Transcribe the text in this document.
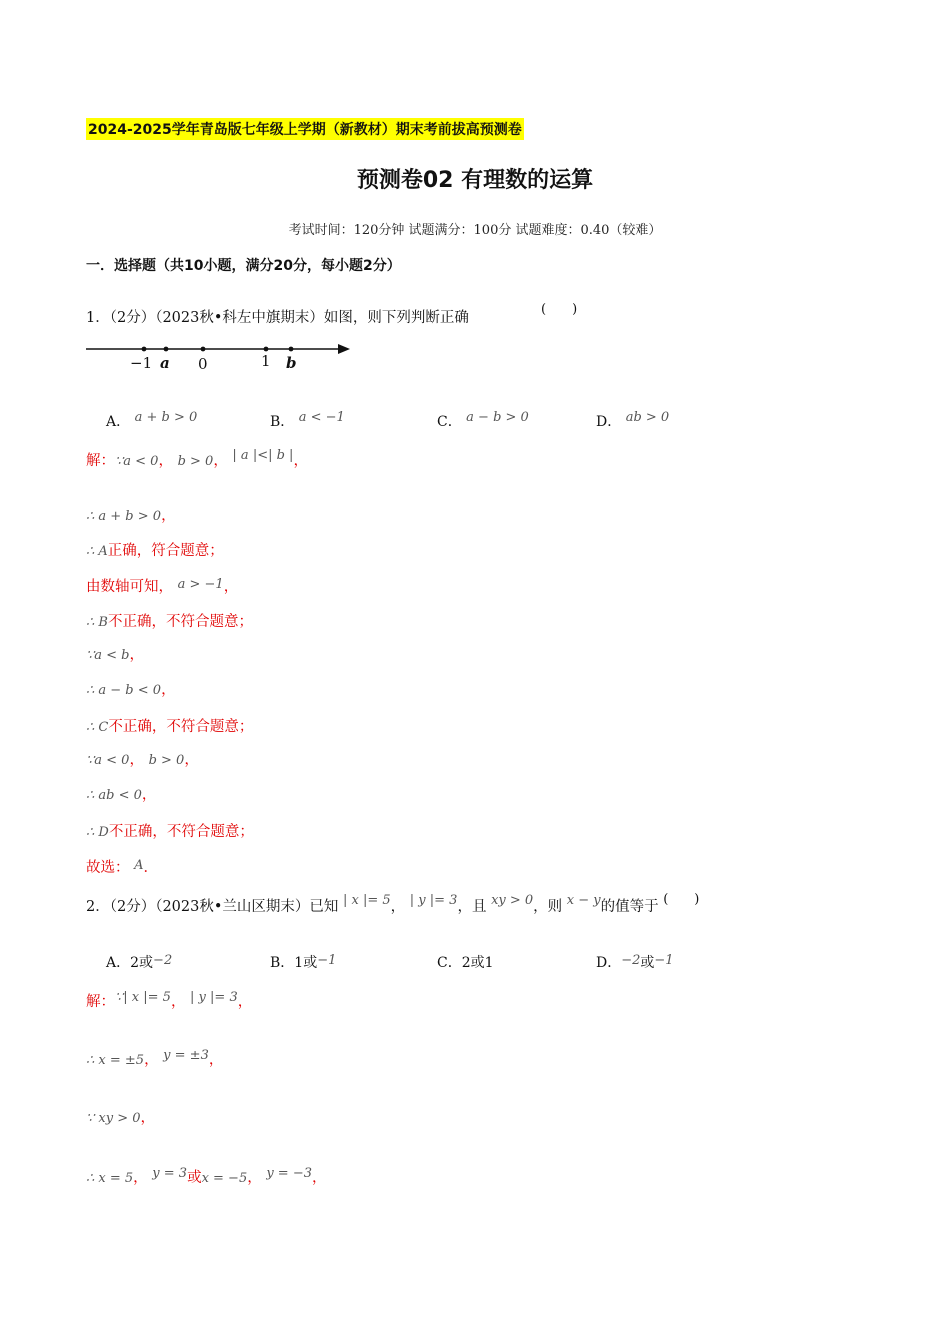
2024-2025学年青岛版七年级上学期（新教材）期末考前拔高预测卷
预测卷02 有理数的运算
考试时间：120分钟 试题满分：100分 试题难度：0.40（较难）
一．选择题（共10小题，满分20分，每小题2分）
1．（2分）（2023秋•科左中旗期末）如图，则下列判断正确
(　　)
−1 a 0	1 b
A． a + b > 0	B． a < −1	C． a − b > 0	D． ab > 0
解：∵a < 0， b > 0， | a |<| b |，
∴ a + b > 0，
∴ A正确，符合题意；
由数轴可知， a > −1，
∴ B不正确，不符合题意；
∵a < b，
∴ a − b < 0，
∴ C不正确，不符合题意；
∵a < 0， b > 0，
∴ ab < 0，
∴ D不正确，不符合题意；
故选： A．
2．（2分）（2023秋•兰山区期末）已知 | x |= 5， | y |= 3，且 xy > 0，则 x − y的值等于 (　　)
A．2或−2	B．1或−1	C．2或1	D．−2或−1
解：∵| x |= 5， | y |= 3，
∴ x = ±5， y = ±3，
∵ xy > 0，
∴ x = 5， y = 3或x = −5， y = −3，
